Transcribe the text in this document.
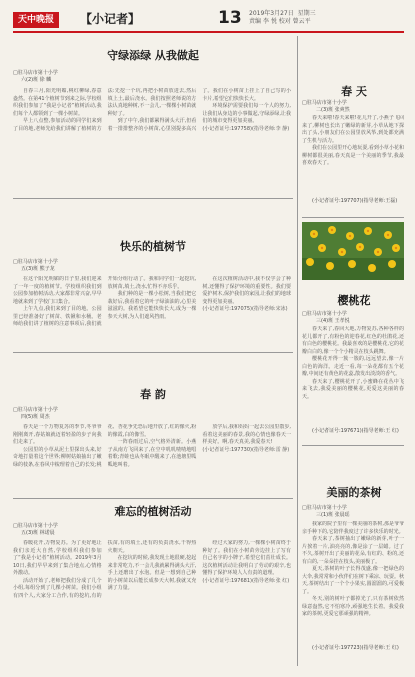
天中晚报	【小记者】	13 2019年3月27日 星期三
责编 李 悦 校对 曾云平
守绿添绿 从我做起
□驻马店市第十小学
六(2)班 徐 麟

自春三月,阳光明媚,桃红柳绿,春意盎然。在第41个植树节到来之际,学校组织我们参加了“我是小记者”植树活动,我们每个人都领到了一棵小树苗。

早上八点整,参加活动的同学们来到了目的地,老师先给我们讲解了植树的方法:先挖一个坑,再把小树苗放进去,然后填上土,最后浇水。我们按照老师说的方法认真地种树,不一会儿,一棵棵小树苗就种好了。

到了中午,我们都累得满头大汗,但看着一排排整齐的小树苗,心里别提多高兴了。我们在小树苗上挂上了自己写的小卡片,希望它们快快长大。

环境保护需要我们每一个人的努力,让我们从身边的小事做起,守绿添绿,让我们的城市变得更加美丽。

(小记者证号:197758)(指导老师:李 静)

快乐的植树节
□驻马店市第十小学
五(3)班 熊子龙

在这个阳光明媚的日子里,我们迎来了一年一度的植树节。学校组织我们到公园参加植树活动,大家都非常兴奋,早早地就来到了学校门口集合。

上午九点,我们来到了目的地。公园里已经准备好了树苗、铁锹和水桶。老师给我们讲了植树的注意事项后,我们就开始分组行动了。我和同学们一起挖坑,放树苗,填土,浇水,忙得不亦乐乎。

我们种的是一棵小松树,当我们把它栽好后,我看着它的叶子绿油油的,心里美滋滋的。我希望它能快快长大,成为一棵参天大树,为人们遮风挡雨。

在这次植树活动中,我不仅学会了种树,还懂得了保护环境的重要性。我们要爱护树木,保护我们的家园,让我们的地球变得更加美丽。

(小记者证号:197075)(指导老师:宋冰)

春 韵
□驻马店市第十小学
四(5)班 周杰

春天是一个万物复苏的季节,冬爷爷刚刚离开,春姑娘就迈着轻盈的步子向我们走来了。

公园里的小草从泥土里探出头来,好奇地打量着这个世界;柳树姑娘抽出了嫩绿的枝条,在春风中梳理着自己的长发;桃花、杏花争先恐后地开放了,红的像火,粉的像霞,白的像雪。

一阵春雨过后,空气格外清新。小燕子从南方飞回来了,在空中叽叽喳喳地唱着歌;青蛙也从冬眠中醒来了,在池塘里呱呱地叫着。

放学后,我和妈妈一起去公园里散步,看着这美丽的春景,我的心情也像春天一样美好。啊,春天真美,我爱春天!

(小记者证号:197730)(指导老师:雷 静)

难忘的植树活动
□驻马店市第十小学
五(3)班 林诺晨

春暖花开,万物复苏。为了更好地让我们亲近大自然,学校组织我们参加了“我是小记者”植树活动。2019年3月10日,我们早早来到了集合地点,心情格外激动。

活动开始了,老师把我们分成了几个小组,每组分到了几棵小树苗。我们小组有四个人,大家分工合作,有的挖坑,有的扶苗,有的填土,还有的负责浇水,干得热火朝天。

在挖坑的时候,我发现土地很硬,挖起来非常吃力,不一会儿我就累得满头大汗,手上还磨出了水泡。但是一想到自己种的小树苗以后能长成参天大树,我就又充满了力量。

经过大家的努力,一棵棵小树苗终于种好了。我们在小树苗旁边挂上了写有自己名字的小牌子,希望它们茁壮成长。这次植树活动让我明白了劳动的艰辛,也懂得了保护环境人人有责的道理。

(小记者证号:197681)(指导老师:张 红)

春 天
□驻马店市第十小学
二(3)班 张爽然

春天来啦!春天来啦!花儿开了,小燕子飞回来了,柳树也长出了嫩绿的新芽,小草从地下探出了头,小朋友们在公园里放风筝,到处都充满了生机与活力。

我们在公园里开心地玩耍,看到小草小花和柳树都很美丽,春天真是一个美丽的季节,我最喜欢春天了。

(小记者证号:197707)(指导老师:王磊)
樱桃花
□驻马店市第十小学
三(4)班 王孝悦

春天来了,春回大地,万物复苏,各种各样的花儿都开了,有粉色的迎春花,红色的杜鹃花,还有白色的樱桃花。我最喜欢的是樱桃花,它的花瓣白白的,像一个个小精灵在枝头跳舞。

樱桃花开得一簇一簇的,远远望去,像一片白色的海洋。走近一看,每一朵花都有五个花瓣,中间还有黄色的花蕊,散发出淡淡的香气。

春天来了,樱桃花开了,小蜜蜂在花丛中飞来飞去,我爱美丽的樱桃花,更爱这美丽的春天。

(小记者证号:197671)(指导老师:王 红)
美丽的茶树
□驻马店市第十小学
三(1)班 张晨瑶

我家的院子里有一棵美丽的茶树,那是爷爷亲手种下的,它陪伴我度过了许多快乐的时光。

春天来了,茶树抽出了嫩绿的新芽,叶子一片挨着一片,油亮亮的,像是涂了一层蜡。过了不久,茶树开出了美丽的花朵,有红的、粉的,还有白的,一朵朵挂在枝头,美丽极了。

夏天,茶树的叶子长得茂盛,像一把绿色的大伞,我常常和小伙伴们在树下乘凉、玩耍。秋天,茶树结出了一个个小果实,圆溜溜的,可爱极了。

冬天,别的树叶子都掉光了,只有茶树依然绿意盎然,它不怕寒冷,顽强地生长着。我爱我家的茶树,更爱它那顽强的精神。

(小记者证号:197723)(指导老师:王 红)
